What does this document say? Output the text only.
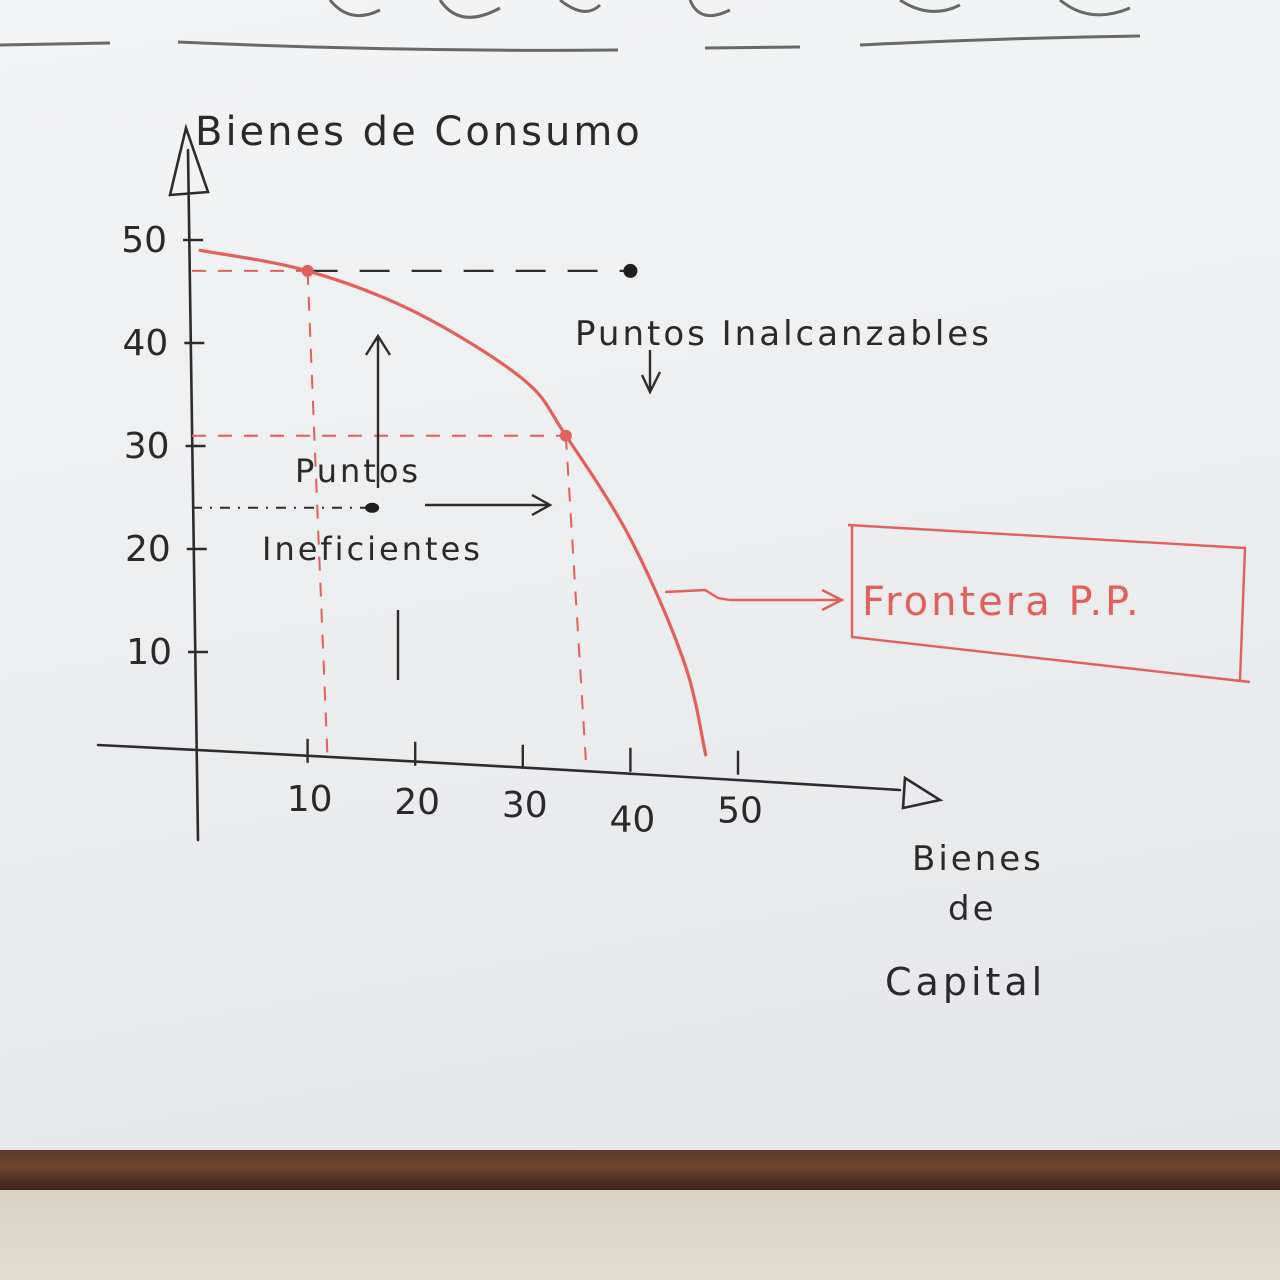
10
20
30
40
50
10 20 30 40 50
Bienes de Consumo
Bienes
de
Capital
Puntos Inalcanzables
Puntos
Ineficientes
Frontera P.P.
